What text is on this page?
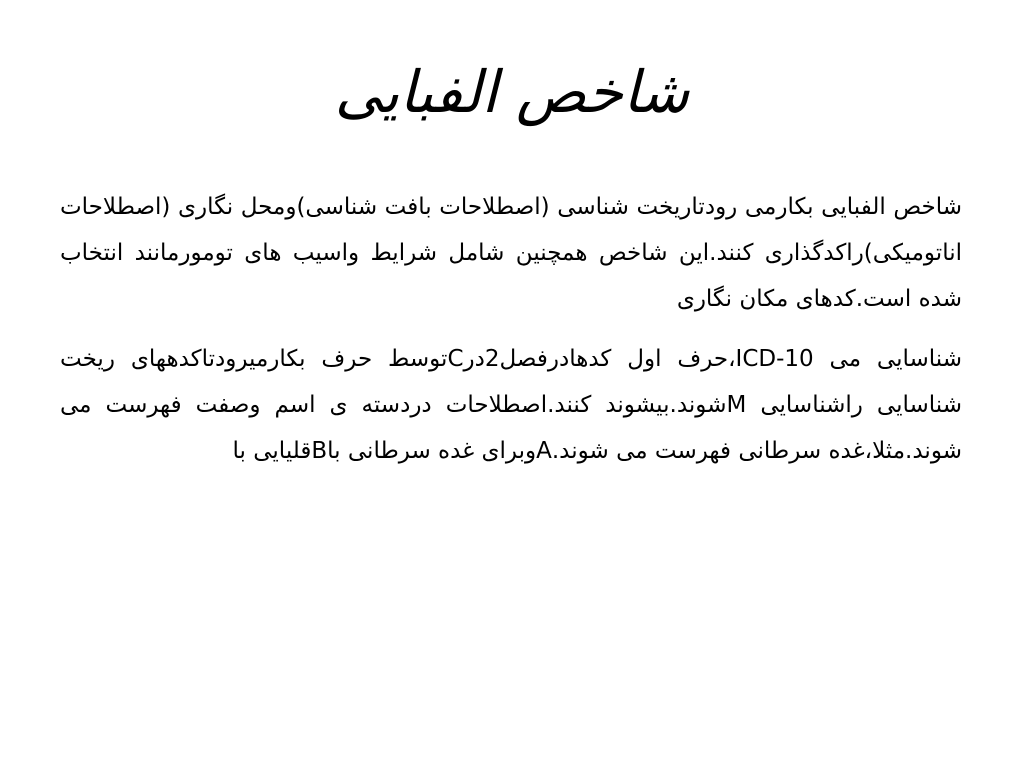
شاخص الفبایی

شاخص الفبایی بکارمی رودتاریخت شناسی (اصطلاحات بافت شناسی)ومحل نگاری (اصطلاحات اناتومیکی)راکدگذاری کنند.این شاخص همچنین شامل شرایط واسیب های تومورمانند انتخاب شده است.کدهای مکان نگاری

شناسایی می ICD-10،حرف اول کدهادرفصل2درCتوسط حرف بکارمیرودتاکدههای ریخت شناسایی راشناسایی Mشوند.بیشوند کنند.اصطلاحات دردسته ی اسم وصفت فهرست می شوند.مثلا،غده سرطانی فهرست می شوند.Aوبرای غده سرطانی باBقلیایی با
